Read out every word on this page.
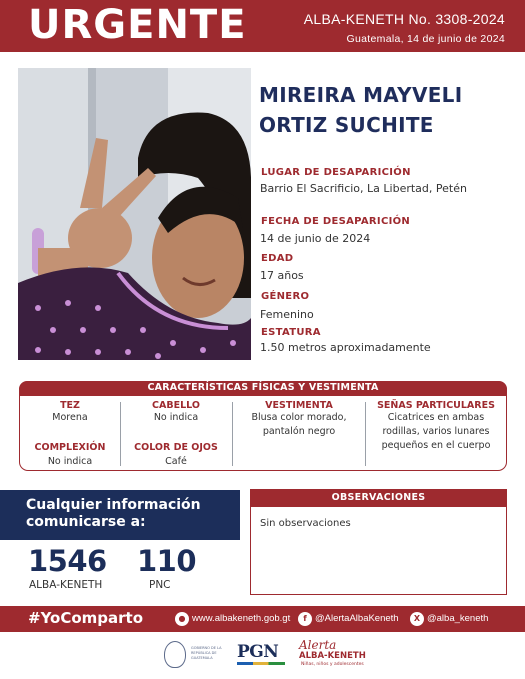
URGENTE	ALBA-KENETH No. 3308-2024
Guatemala, 14 de junio de 2024
MIREIRA MAYVELI
ORTIZ SUCHITE
LUGAR DE DESAPARICIÓN
Barrio El Sacrificio, La Libertad, Petén
FECHA DE DESAPARICIÓN
14 de junio de 2024
EDAD
17 años
GÉNERO
Femenino
ESTATURA
1.50 metros aproximadamente
CARACTERÍSTICAS FÍSICAS Y VESTIMENTA
TEZ
Morena
CABELLO
No indica
VESTIMENTA
Blusa color morado,
pantalón negro
SEÑAS PARTICULARES
Cicatrices en ambas
rodillas, varios lunares
pequeños en el cuerpo
COMPLEXIÓN
No indica
COLOR DE OJOS
Café
Cualquier información
comunicarse a:
1546
ALBA-KENETH
110
PNC
OBSERVACIONES
Sin observaciones
#YoComparto	● www.albakeneth.gob.gt	f @AlertaAlbaKeneth	X @alba_keneth
GOBIERNO DE LA REPÚBLICA DE GUATEMALA	PGN Alerta
ALBA-KENETH
Niñas, niños y adolescentes
